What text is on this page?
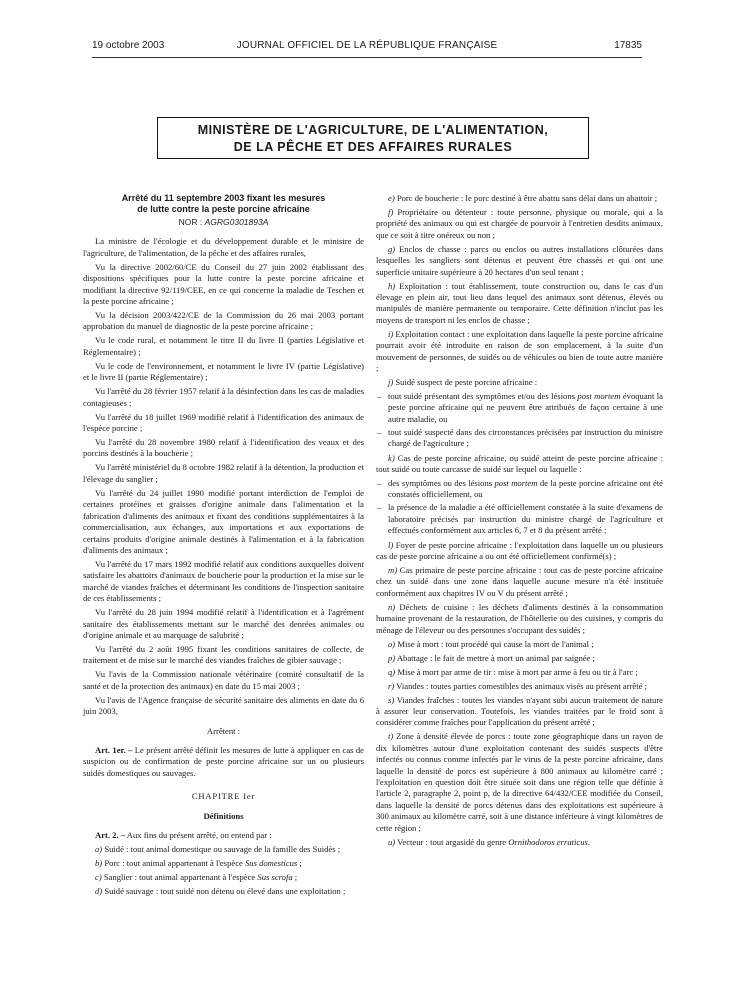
19 octobre 2003	JOURNAL OFFICIEL DE LA RÉPUBLIQUE FRANÇAISE	17835
MINISTÈRE DE L'AGRICULTURE, DE L'ALIMENTATION,
DE LA PÊCHE ET DES AFFAIRES RURALES
Arrêté du 11 septembre 2003 fixant les mesures
de lutte contre la peste porcine africaine
NOR : AGRG0301893A

La ministre de l'écologie et du développement durable et le ministre de l'agriculture, de l'alimentation, de la pêche et des affaires rurales,

Vu la directive 2002/60/CE du Conseil du 27 juin 2002 établissant des dispositions spécifiques pour la lutte contre la peste porcine africaine et modifiant la directive 92/119/CEE, en ce qui concerne la maladie de Teschen et la peste porcine africaine ;

Vu la décision 2003/422/CE de la Commission du 26 mai 2003 portant approbation du manuel de diagnostic de la peste porcine africaine ;

Vu le code rural, et notamment le titre II du livre II (parties Législative et Réglementaire) ;

Vu le code de l'environnement, et notamment le livre IV (partie Législative) et le livre II (partie Réglementaire) ;

Vu l'arrêté du 28 février 1957 relatif à la désinfection dans les cas de maladies contagieuses ;

Vu l'arrêté du 18 juillet 1969 modifié relatif à l'identification des animaux de l'espèce porcine ;

Vu l'arrêté du 28 novembre 1980 relatif à l'identification des veaux et des porcins destinés à la boucherie ;

Vu l'arrêté ministériel du 8 octobre 1982 relatif à la détention, la production et l'élevage du sanglier ;

Vu l'arrêté du 24 juillet 1990 modifié portant interdiction de l'emploi de certaines protéines et graisses d'origine animale dans l'alimentation et la fabrication d'aliments des animaux et fixant des conditions supplémentaires à la commercialisation, aux échanges, aux importations et aux exportations de certains produits d'origine animale destinés à l'alimentation et à la fabrication d'aliments des animaux ;

Vu l'arrêté du 17 mars 1992 modifié relatif aux conditions auxquelles doivent satisfaire les abattoirs d'animaux de boucherie pour la production et la mise sur le marché de viandes fraîches et déterminant les conditions de l'inspection sanitaire de ces établissements ;

Vu l'arrêté du 28 juin 1994 modifié relatif à l'identification et à l'agrément sanitaire des établissements mettant sur le marché des denrées animales ou d'origine animale et au marquage de salubrité ;

Vu l'arrêté du 2 août 1995 fixant les conditions sanitaires de collecte, de traitement et de mise sur le marché des viandes fraîches de gibier sauvage ;

Vu l'avis de la Commission nationale vétérinaire (comité consultatif de la santé et de la protection des animaux) en date du 15 mai 2003 ;

Vu l'avis de l'Agence française de sécurité sanitaire des aliments en date du 6 juin 2003,

Arrêtent :

Art. 1er. – Le présent arrêté définit les mesures de lutte à appliquer en cas de suspicion ou de confirmation de peste porcine africaine sur un ou plusieurs suidés domestiques ou sauvages.

CHAPITRE Ier

Définitions

Art. 2. – Aux fins du présent arrêté, on entend par :

a) Suidé : tout animal domestique ou sauvage de la famille des Suidés ;

b) Porc : tout animal appartenant à l'espèce Sus domesticus ;

c) Sanglier : tout animal appartenant à l'espèce Sus scrofa ;

d) Suidé sauvage : tout suidé non détenu ou élevé dans une exploitation ;

e) Porc de boucherie : le porc destiné à être abattu sans délai dans un abattoir ;

f) Propriétaire ou détenteur : toute personne, physique ou morale, qui a la propriété des animaux ou qui est chargée de pourvoir à l'entretien desdits animaux, que ce soit à titre onéreux ou non ;

g) Enclos de chasse : parcs ou enclos ou autres installations clôturées dans lesquelles les sangliers sont détenus et peuvent être chassés et qui ont une superficie unitaire supérieure à 20 hectares d'un seul tenant ;

h) Exploitation : tout établissement, toute construction ou, dans le cas d'un élevage en plein air, tout lieu dans lequel des animaux sont détenus, élevés ou manipulés de manière permanente ou temporaire. Cette définition n'inclut pas les moyens de transport ni les enclos de chasse ;

i) Exploitation contact : une exploitation dans laquelle la peste porcine africaine pourrait avoir été introduite en raison de son emplacement, à la suite d'un mouvement de personnes, de suidés ou de véhicules ou bien de toute autre manière ;

j) Suidé suspect de peste porcine africaine :

– tout suidé présentant des symptômes et/ou des lésions post mortem évoquant la peste porcine africaine qui ne peuvent être attribués de façon certaine à une autre maladie, ou
– tout suidé suspecté dans des circonstances précisées par instruction du ministre chargé de l'agriculture ;

k) Cas de peste porcine africaine, ou suidé atteint de peste porcine africaine : tout suidé ou toute carcasse de suidé sur lequel ou laquelle :

– des symptômes ou des lésions post mortem de la peste porcine africaine ont été constatés officiellement, ou
– la présence de la maladie a été officiellement constatée à la suite d'examens de laboratoire précisés par instruction du ministre chargé de l'agriculture et effectués conformément aux articles 6, 7 et 8 du présent arrêté ;

l) Foyer de peste porcine africaine : l'exploitation dans laquelle un ou plusieurs cas de peste porcine africaine a ou ont été officiellement confirmé(s) ;

m) Cas primaire de peste porcine africaine : tout cas de peste porcine africaine chez un suidé dans une zone dans laquelle aucune mesure n'a été instituée conformément aux chapitres IV ou V du présent arrêté ;

n) Déchets de cuisine : les déchets d'aliments destinés à la consommation humaine provenant de la restauration, de l'hôtellerie ou des cuisines, y compris du ménage de l'éleveur ou des personnes s'occupant des suidés ;

o) Mise à mort : tout procédé qui cause la mort de l'animal ;

p) Abattage : le fait de mettre à mort un animal par saignée ;

q) Mise à mort par arme de tir : mise à mort par arme à feu ou tir à l'arc ;

r) Viandes : toutes parties comestibles des animaux visés au présent arrêté ;

s) Viandes fraîches : toutes les viandes n'ayant subi aucun traitement de nature à assurer leur conservation. Toutefois, les viandes traitées par le froid sont à considérer comme fraîches pour l'application du présent arrêté ;

t) Zone à densité élevée de porcs : toute zone géographique dans un rayon de dix kilomètres autour d'une exploitation contenant des suidés suspects d'être infectés ou connus comme infectés par le virus de la peste porcine africaine, dans laquelle la densité de porcs est supérieure à 800 animaux au kilomètre carré ; l'exploitation en question doit être située soit dans une région telle que définie à l'article 2, paragraphe 2, point p, de la directive 64/432/CEE modifiée du Conseil, dans laquelle la densité de porcs détenus dans des exploitations est supérieure à 300 animaux au kilomètre carré, soit à une distance inférieure à vingt kilomètres de cette région ;

u) Vecteur : tout argasidé du genre Ornithodoros erraticus.
